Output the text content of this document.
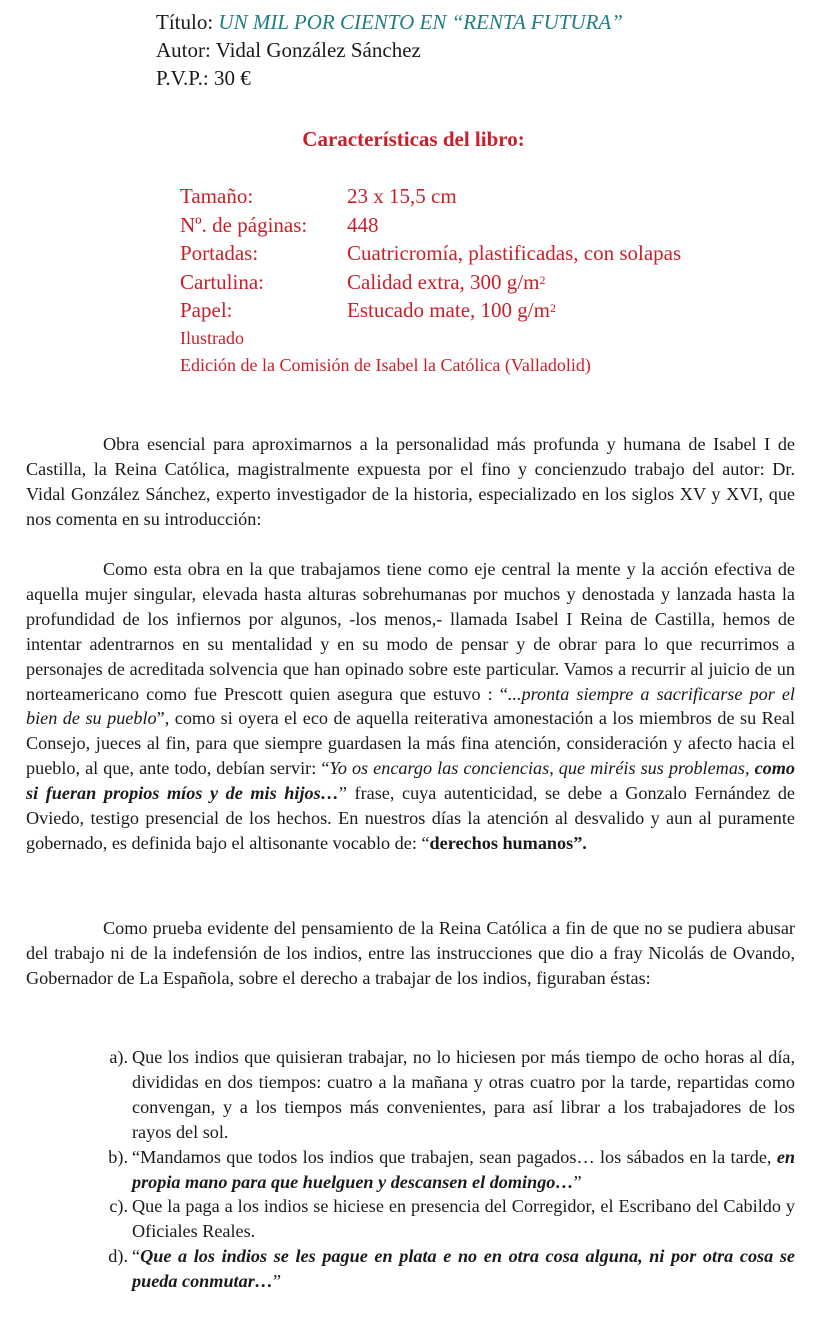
Título: UN MIL POR CIENTO EN “RENTA FUTURA”
Autor: Vidal González Sánchez
P.V.P.: 30 €
Características del libro:
Tamaño:	23 x 15,5 cm
Nº. de páginas:	448
Portadas:	Cuatricromía, plastificadas, con solapas
Cartulina:	Calidad extra, 300 $g/m^2$
Papel:	Estucado mate, 100 $g/m^2$
Ilustrado
Edición de la Comisión de Isabel la Católica (Valladolid)

Obra esencial para aproximarnos a la personalidad más profunda y humana de Isabel I de Castilla, la Reina Católica, magistralmente expuesta por el fino y concienzudo trabajo del autor: Dr. Vidal González Sánchez, experto investigador de la historia, especializado en los siglos XV y XVI, que nos comenta en su introducción:

Como esta obra en la que trabajamos tiene como eje central la mente y la acción efectiva de aquella mujer singular, elevada hasta alturas sobrehumanas por muchos y denostada y lanzada hasta la profundidad de los infiernos por algunos, -los menos,- llamada Isabel I Reina de Castilla, hemos de intentar adentrarnos en su mentalidad y en su modo de pensar y de obrar para lo que recurrimos a personajes de acreditada solvencia que han opinado sobre este particular. Vamos a recurrir al juicio de un norteamericano como fue Prescott quien asegura que estuvo : “...pronta siempre a sacrificarse por el bien de su pueblo”, como si oyera el eco de aquella reiterativa amonestación a los miembros de su Real Consejo, jueces al fin, para que siempre guardasen la más fina atención, consideración y afecto hacia el pueblo, al que, ante todo, debían servir: “Yo os encargo las conciencias, que miréis sus problemas, como si fueran propios míos y de mis hijos…” frase, cuya autenticidad, se debe a Gonzalo Fernández de Oviedo, testigo presencial de los hechos. En nuestros días la atención al desvalido y aun al puramente gobernado, es definida bajo el altisonante vocablo de: “derechos humanos”.

Como prueba evidente del pensamiento de la Reina Católica a fin de que no se pudiera abusar del trabajo ni de la indefensión de los indios, entre las instrucciones que dio a fray Nicolás de Ovando, Gobernador de La Española, sobre el derecho a trabajar de los indios, figuraban éstas:

a). Que los indios que quisieran trabajar, no lo hiciesen por más tiempo de ocho horas al día, divididas en dos tiempos: cuatro a la mañana y otras cuatro por la tarde, repartidas como convengan, y a los tiempos más convenientes, para así librar a los trabajadores de los rayos del sol.
b). “Mandamos que todos los indios que trabajen, sean pagados… los sábados en la tarde, en propia mano para que huelguen y descansen el domingo…”
c). Que la paga a los indios se hiciese en presencia del Corregidor, el Escribano del Cabildo y Oficiales Reales.
d). “Que a los indios se les pague en plata e no en otra cosa alguna, ni por otra cosa se pueda conmutar…”
